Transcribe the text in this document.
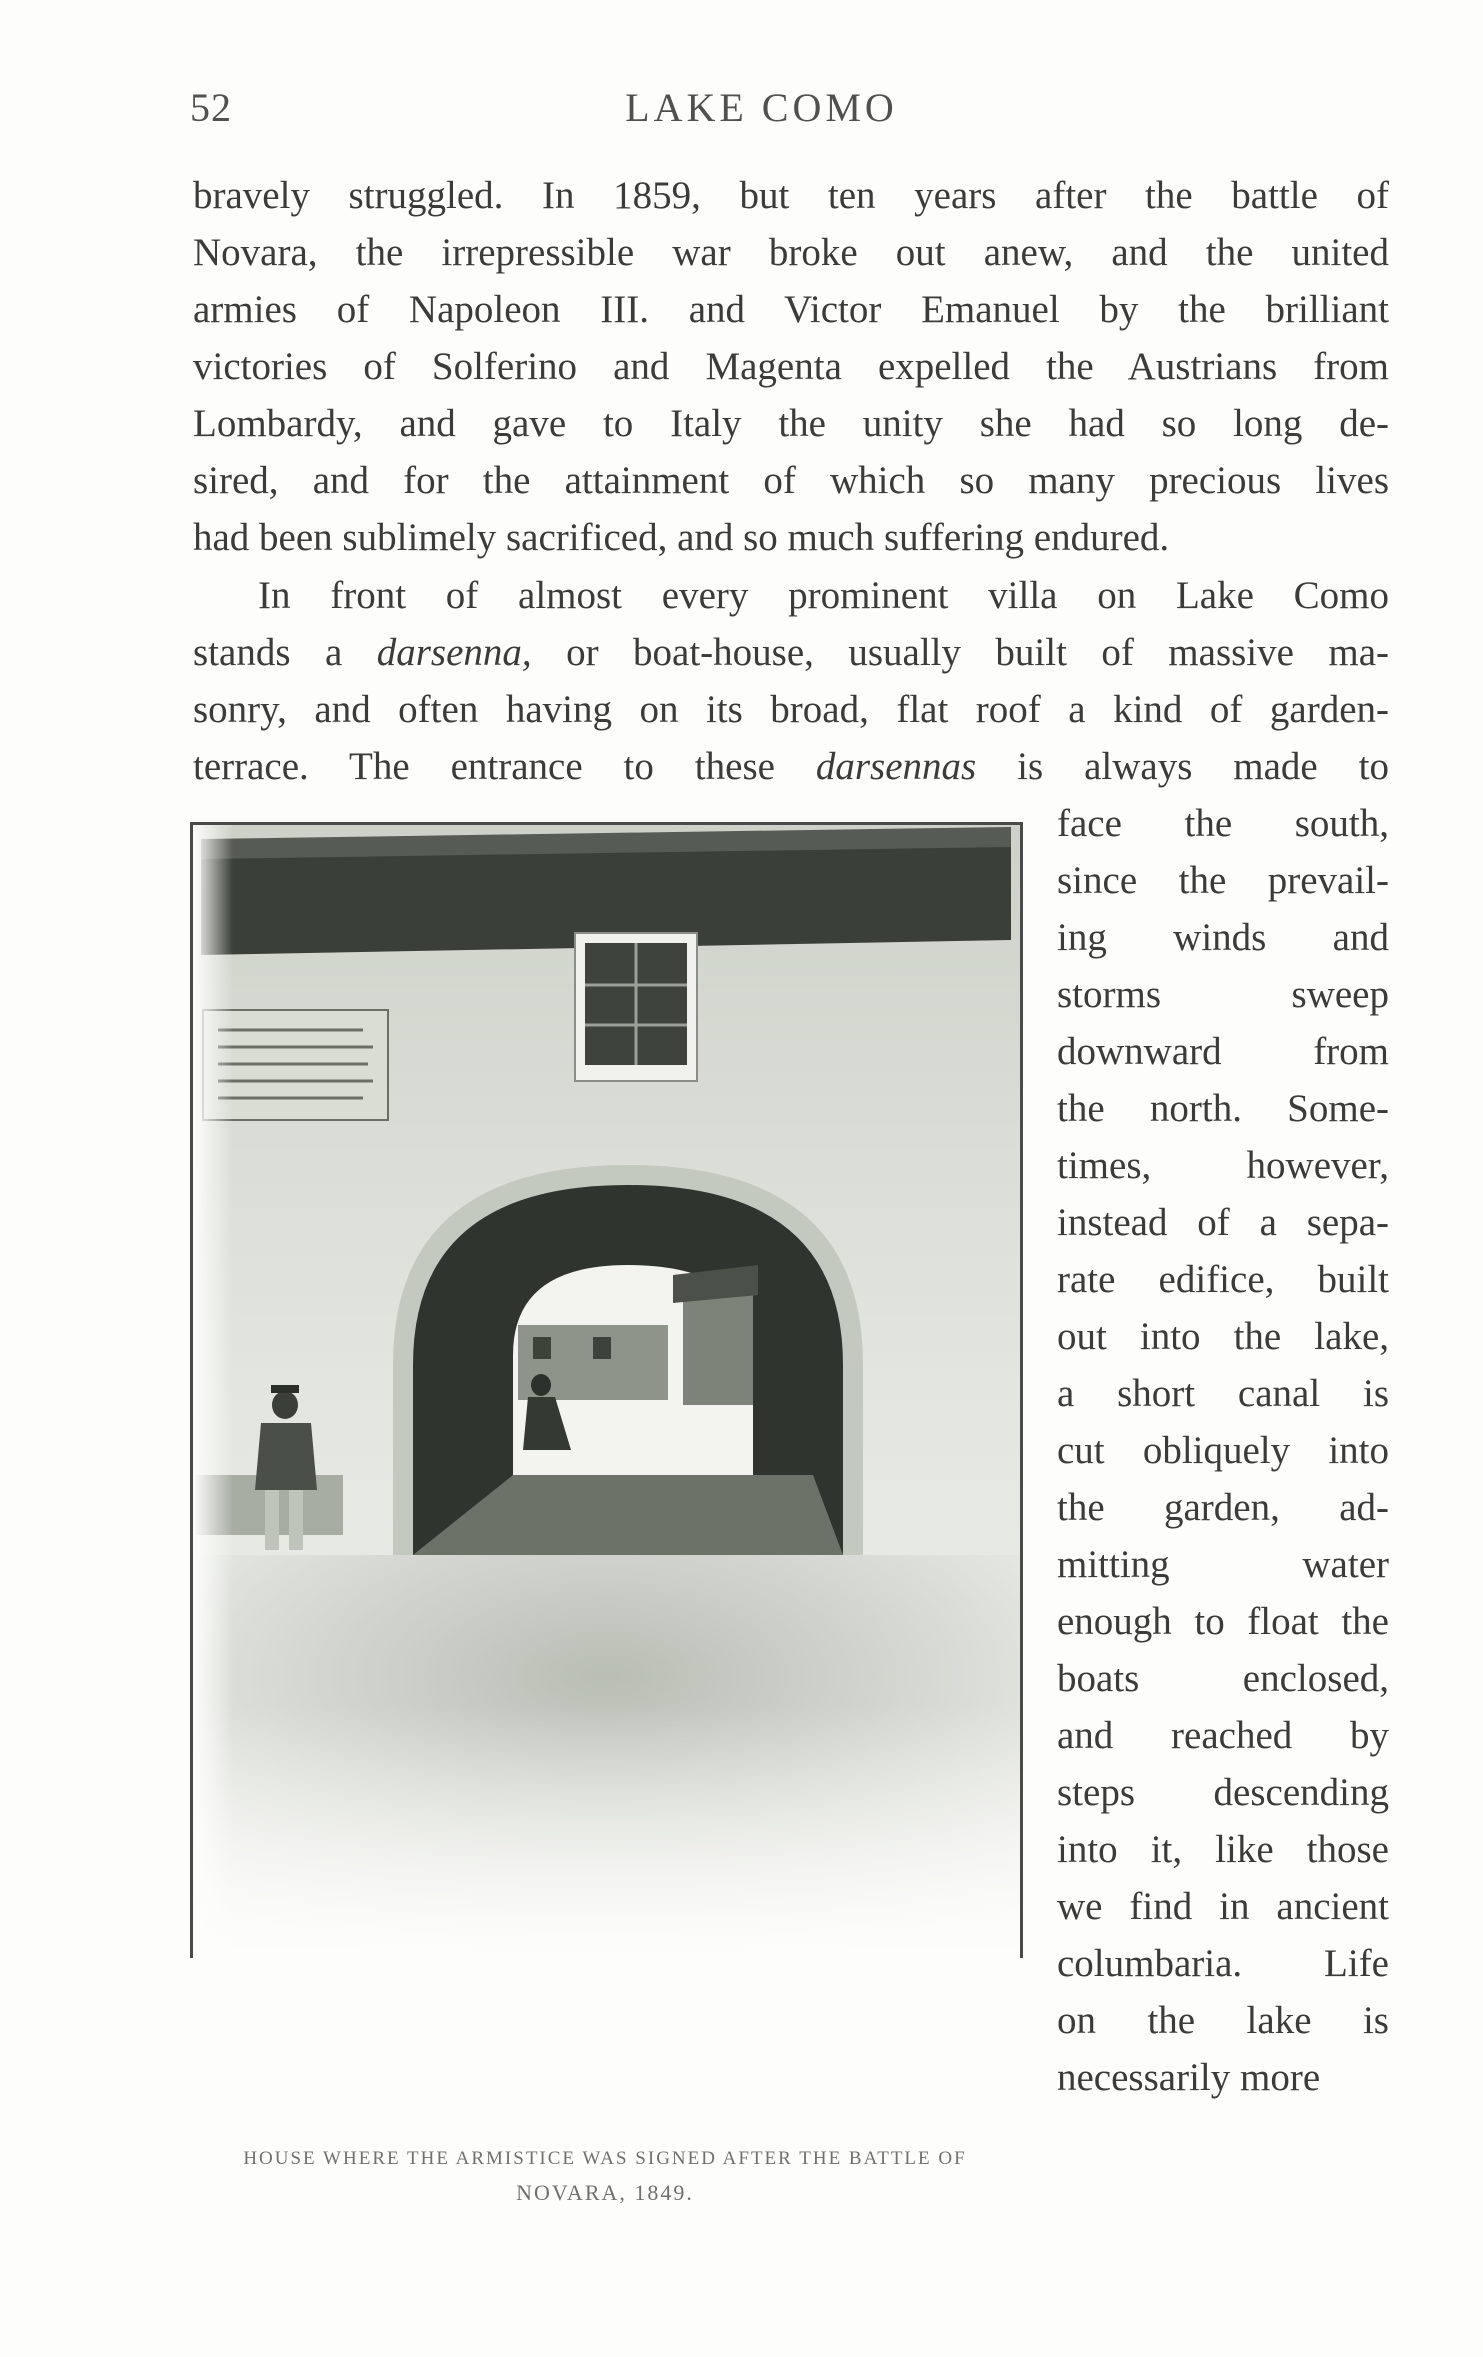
52	LAKE COMO
bravely struggled. In 1859, but ten years after the battle of
Novara, the irrepressible war broke out anew, and the united
armies of Napoleon III. and Victor Emanuel by the brilliant
victories of Solferino and Magenta expelled the Austrians from
Lombardy, and gave to Italy the unity she had so long de-
sired, and for the attainment of which so many precious lives
had been sublimely sacrificed, and so much suffering endured.
In front of almost every prominent villa on Lake Como
stands a darsenna, or boat-house, usually built of massive ma-
sonry, and often having on its broad, flat roof a kind of garden-
terrace. The entrance to these darsennas is always made to
face the south,
since the prevail-
ing winds and
storms sweep
downward from
the north. Some-
times, however,
instead of a sepa-
rate edifice, built
out into the lake,
a short canal is
cut obliquely into
the garden, ad-
mitting water
enough to float the
boats enclosed,
and reached by
steps descending
into it, like those
we find in ancient
columbaria. Life
on the lake is
necessarily more
HOUSE WHERE THE ARMISTICE WAS SIGNED AFTER THE BATTLE OF
NOVARA, 1849.
